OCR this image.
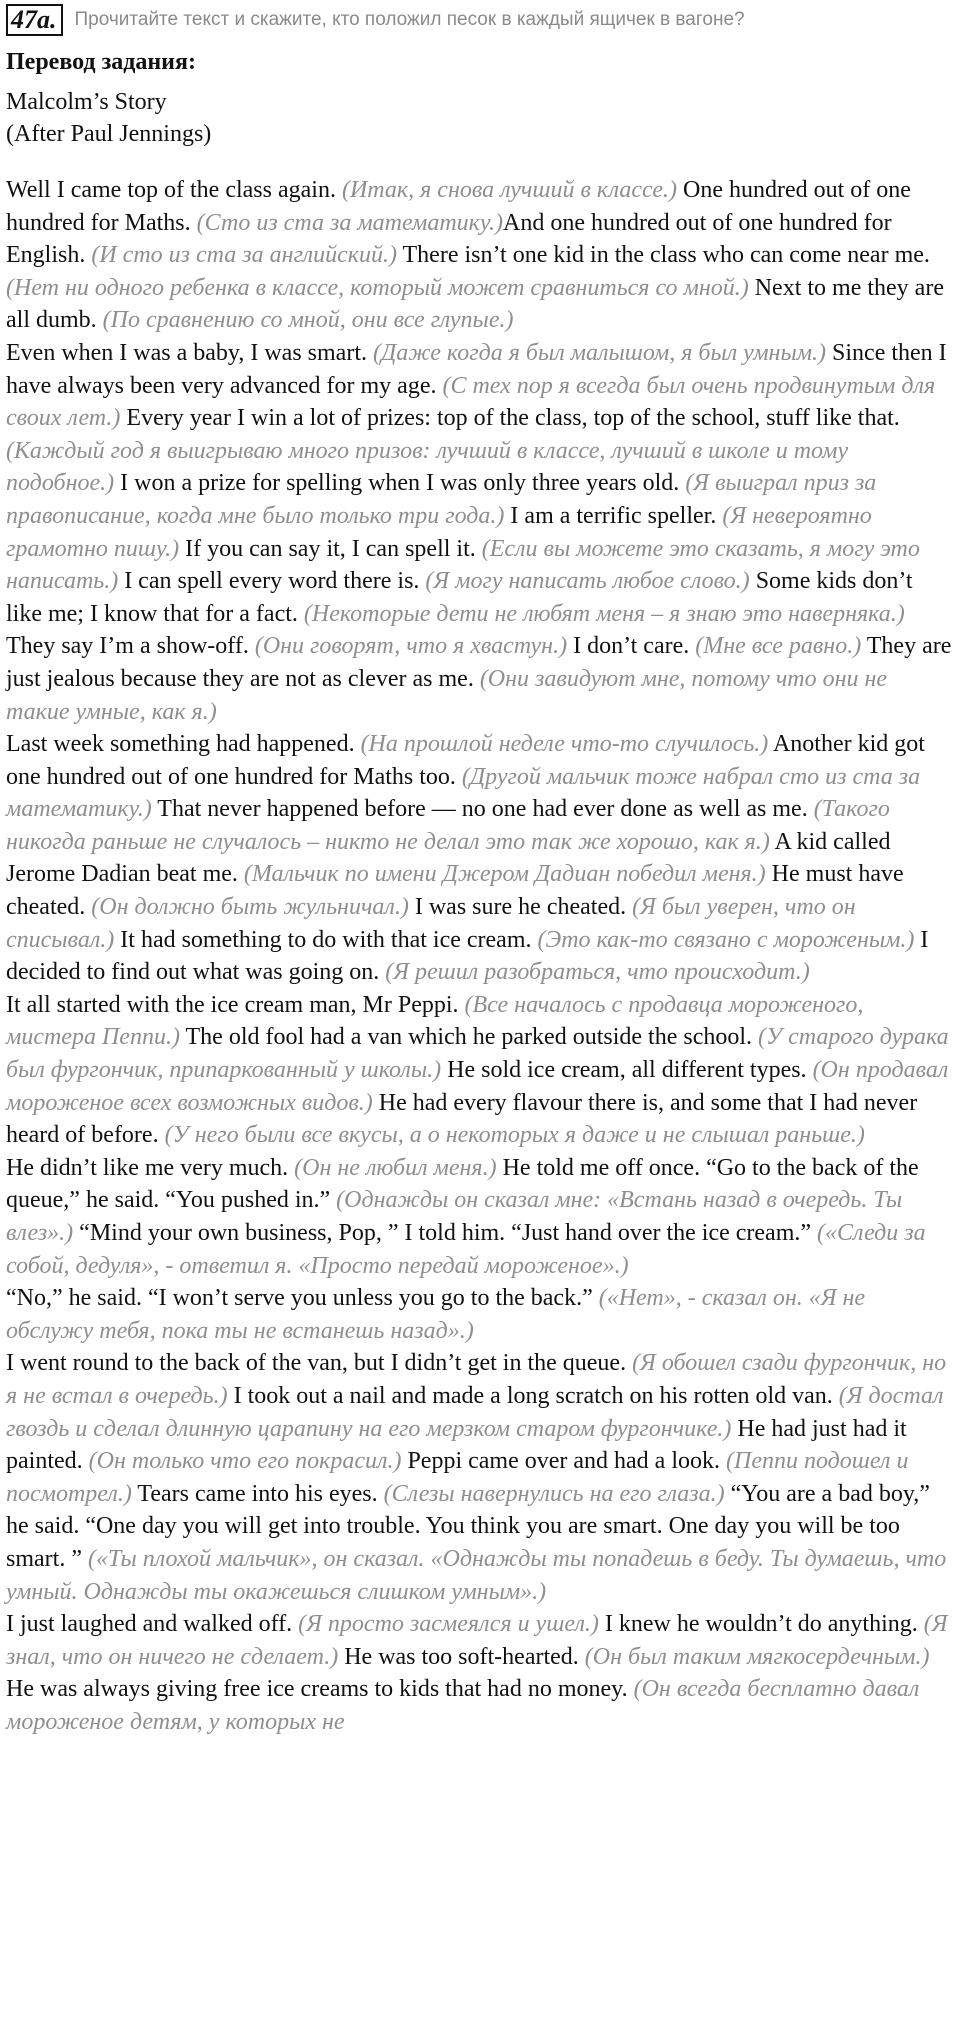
47a. Прочитайте текст и скажите, кто положил песок в каждый ящичек в вагоне?
Перевод задания:
Malcolm’s Story
(After Paul Jennings)

Well I came top of the class again. (Итак, я снова лучший в классе.) One hundred out of one hundred for Maths. (Сто из ста за математику.)And one hundred out of one hundred for English. (И сто из ста за английский.) There isn’t one kid in the class who can come near me. (Нет ни одного ребенка в классе, который может сравниться со мной.) Next to me they are all dumb. (По сравнению со мной, они все глупые.)

Even when I was a baby, I was smart. (Даже когда я был малышом, я был умным.) Since then I have always been very advanced for my age. (С тех пор я всегда был очень продвинутым для своих лет.) Every year I win a lot of prizes: top of the class, top of the school, stuff like that. (Каждый год я выигрываю много призов: лучший в классе, лучший в школе и тому подобное.) I won a prize for spelling when I was only three years old. (Я выиграл приз за правописание, когда мне было только три года.) I am a terrific speller. (Я невероятно грамотно пишу.) If you can say it, I can spell it. (Если вы можете это сказать, я могу это написать.) I can spell every word there is. (Я могу написать любое слово.) Some kids don’t like me; I know that for a fact. (Некоторые дети не любят меня – я знаю это наверняка.) They say I’m a show-off. (Они говорят, что я хвастун.) I don’t care. (Мне все равно.) They are just jealous because they are not as clever as me. (Они завидуют мне, потому что они не такие умные, как я.)

Last week something had happened. (На прошлой неделе что-то случилось.) Another kid got one hundred out of one hundred for Maths too. (Другой мальчик тоже набрал сто из ста за математику.) That never happened before — no one had ever done as well as me. (Такого никогда раньше не случалось – никто не делал это так же хорошо, как я.) A kid called Jerome Dadian beat me. (Мальчик по имени Джером Дадиан победил меня.) He must have cheated. (Он должно быть жульничал.) I was sure he cheated. (Я был уверен, что он списывал.) It had something to do with that ice cream. (Это как-то связано с мороженым.) I decided to find out what was going on. (Я решил разобраться, что происходит.)

It all started with the ice cream man, Mr Peppi. (Все началось с продавца мороженого, мистера Пеппи.) The old fool had a van which he parked outside the school. (У старого дурака был фургончик, припаркованный у школы.) He sold ice cream, all different types. (Он продавал мороженое всех возможных видов.) He had every flavour there is, and some that I had never heard of before. (У него были все вкусы, а о некоторых я даже и не слышал раньше.)

He didn’t like me very much. (Он не любил меня.) He told me off once. “Go to the back of the queue,” he said. “You pushed in.” (Однажды он сказал мне: «Встань назад в очередь. Ты влез».) “Mind your own business, Pop, ” I told him. “Just hand over the ice cream.” («Следи за собой, дедуля», - ответил я. «Просто передай мороженое».)

“No,” he said. “I won’t serve you unless you go to the back.” («Нет», - сказал он. «Я не обслужу тебя, пока ты не встанешь назад».)

I went round to the back of the van, but I didn’t get in the queue. (Я обошел сзади фургончик, но я не встал в очередь.) I took out a nail and made a long scratch on his rotten old van. (Я достал гвоздь и сделал длинную царапину на его мерзком старом фургончике.) He had just had it painted. (Он только что его покрасил.) Peppi came over and had a look. (Пеппи подошел и посмотрел.) Tears came into his eyes. (Слезы навернулись на его глаза.) “You are a bad boy,” he said. “One day you will get into trouble. You think you are smart. One day you will be too smart. ” («Ты плохой мальчик», он сказал. «Однажды ты попадешь в беду. Ты думаешь, что умный. Однажды ты окажешься слишком умным».)

I just laughed and walked off. (Я просто засмеялся и ушел.) I knew he wouldn’t do anything. (Я знал, что он ничего не сделает.) He was too soft-hearted. (Он был таким мягкосердечным.) He was always giving free ice creams to kids that had no money. (Он всегда бесплатно давал мороженое детям, у которых не
